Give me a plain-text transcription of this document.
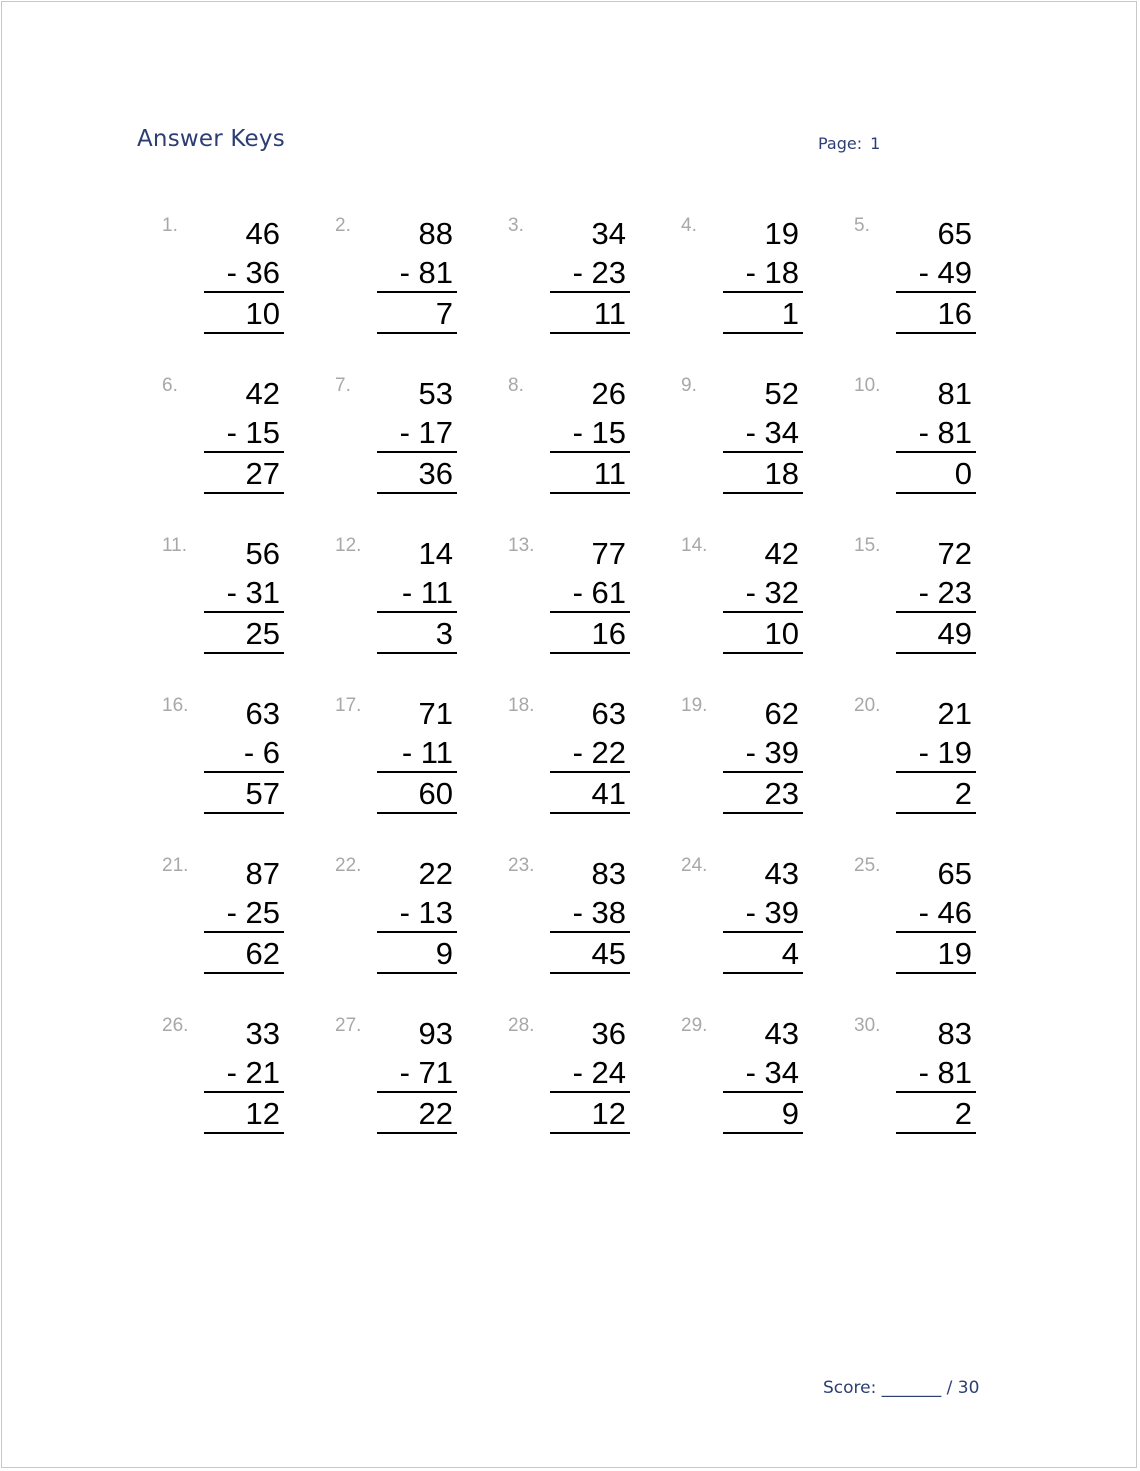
Answer Keys	Page: 1
1.	46
- 36
10
2.	88
- 81
7
3.	34
- 23
11
4.	19
- 18
1
5.	65
- 49
16
6.	42
- 15
27
7.	53
- 17
36
8.	26
- 15
11
9.	52
- 34
18
10.	81
- 81
0
11.	56
- 31
25
12.	14
- 11
3
13.	77
- 61
16
14.	42
- 32
10
15.	72
- 23
49
16.	63
- 6
57
17.	71
- 11
60
18.	63
- 22
41
19.	62
- 39
23
20.	21
- 19
2
21.	87
- 25
62
22.	22
- 13
9
23.	83
- 38
45
24.	43
- 39
4
25.	65
- 46
19
26.	33
- 21
12
27.	93
- 71
22
28.	36
- 24
12
29.	43
- 34
9
30.	83
- 81
2
Score: _______ / 30
